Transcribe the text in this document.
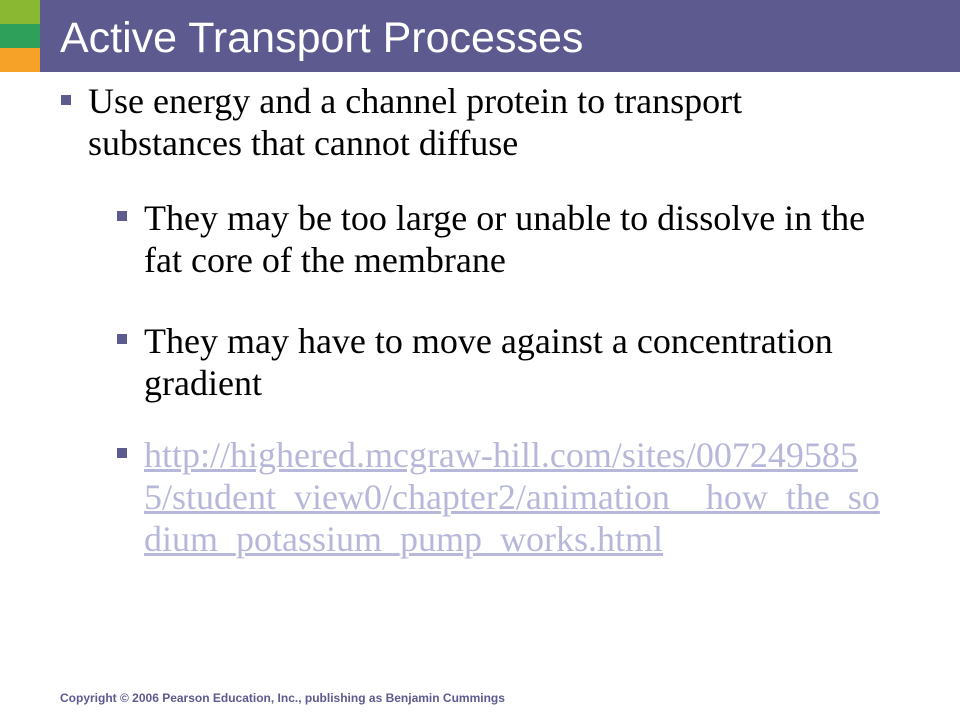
Active Transport Processes
Use energy and a channel protein to transport substances that cannot diffuse
They may be too large or unable to dissolve in the fat core of the membrane
They may have to move against a concentration gradient
http://highered.mcgraw-hill.com/sites/0072495855/student_view0/chapter2/animation__how_the_sodium_potassium_pump_works.html
Copyright © 2006 Pearson Education, Inc., publishing as Benjamin Cummings
